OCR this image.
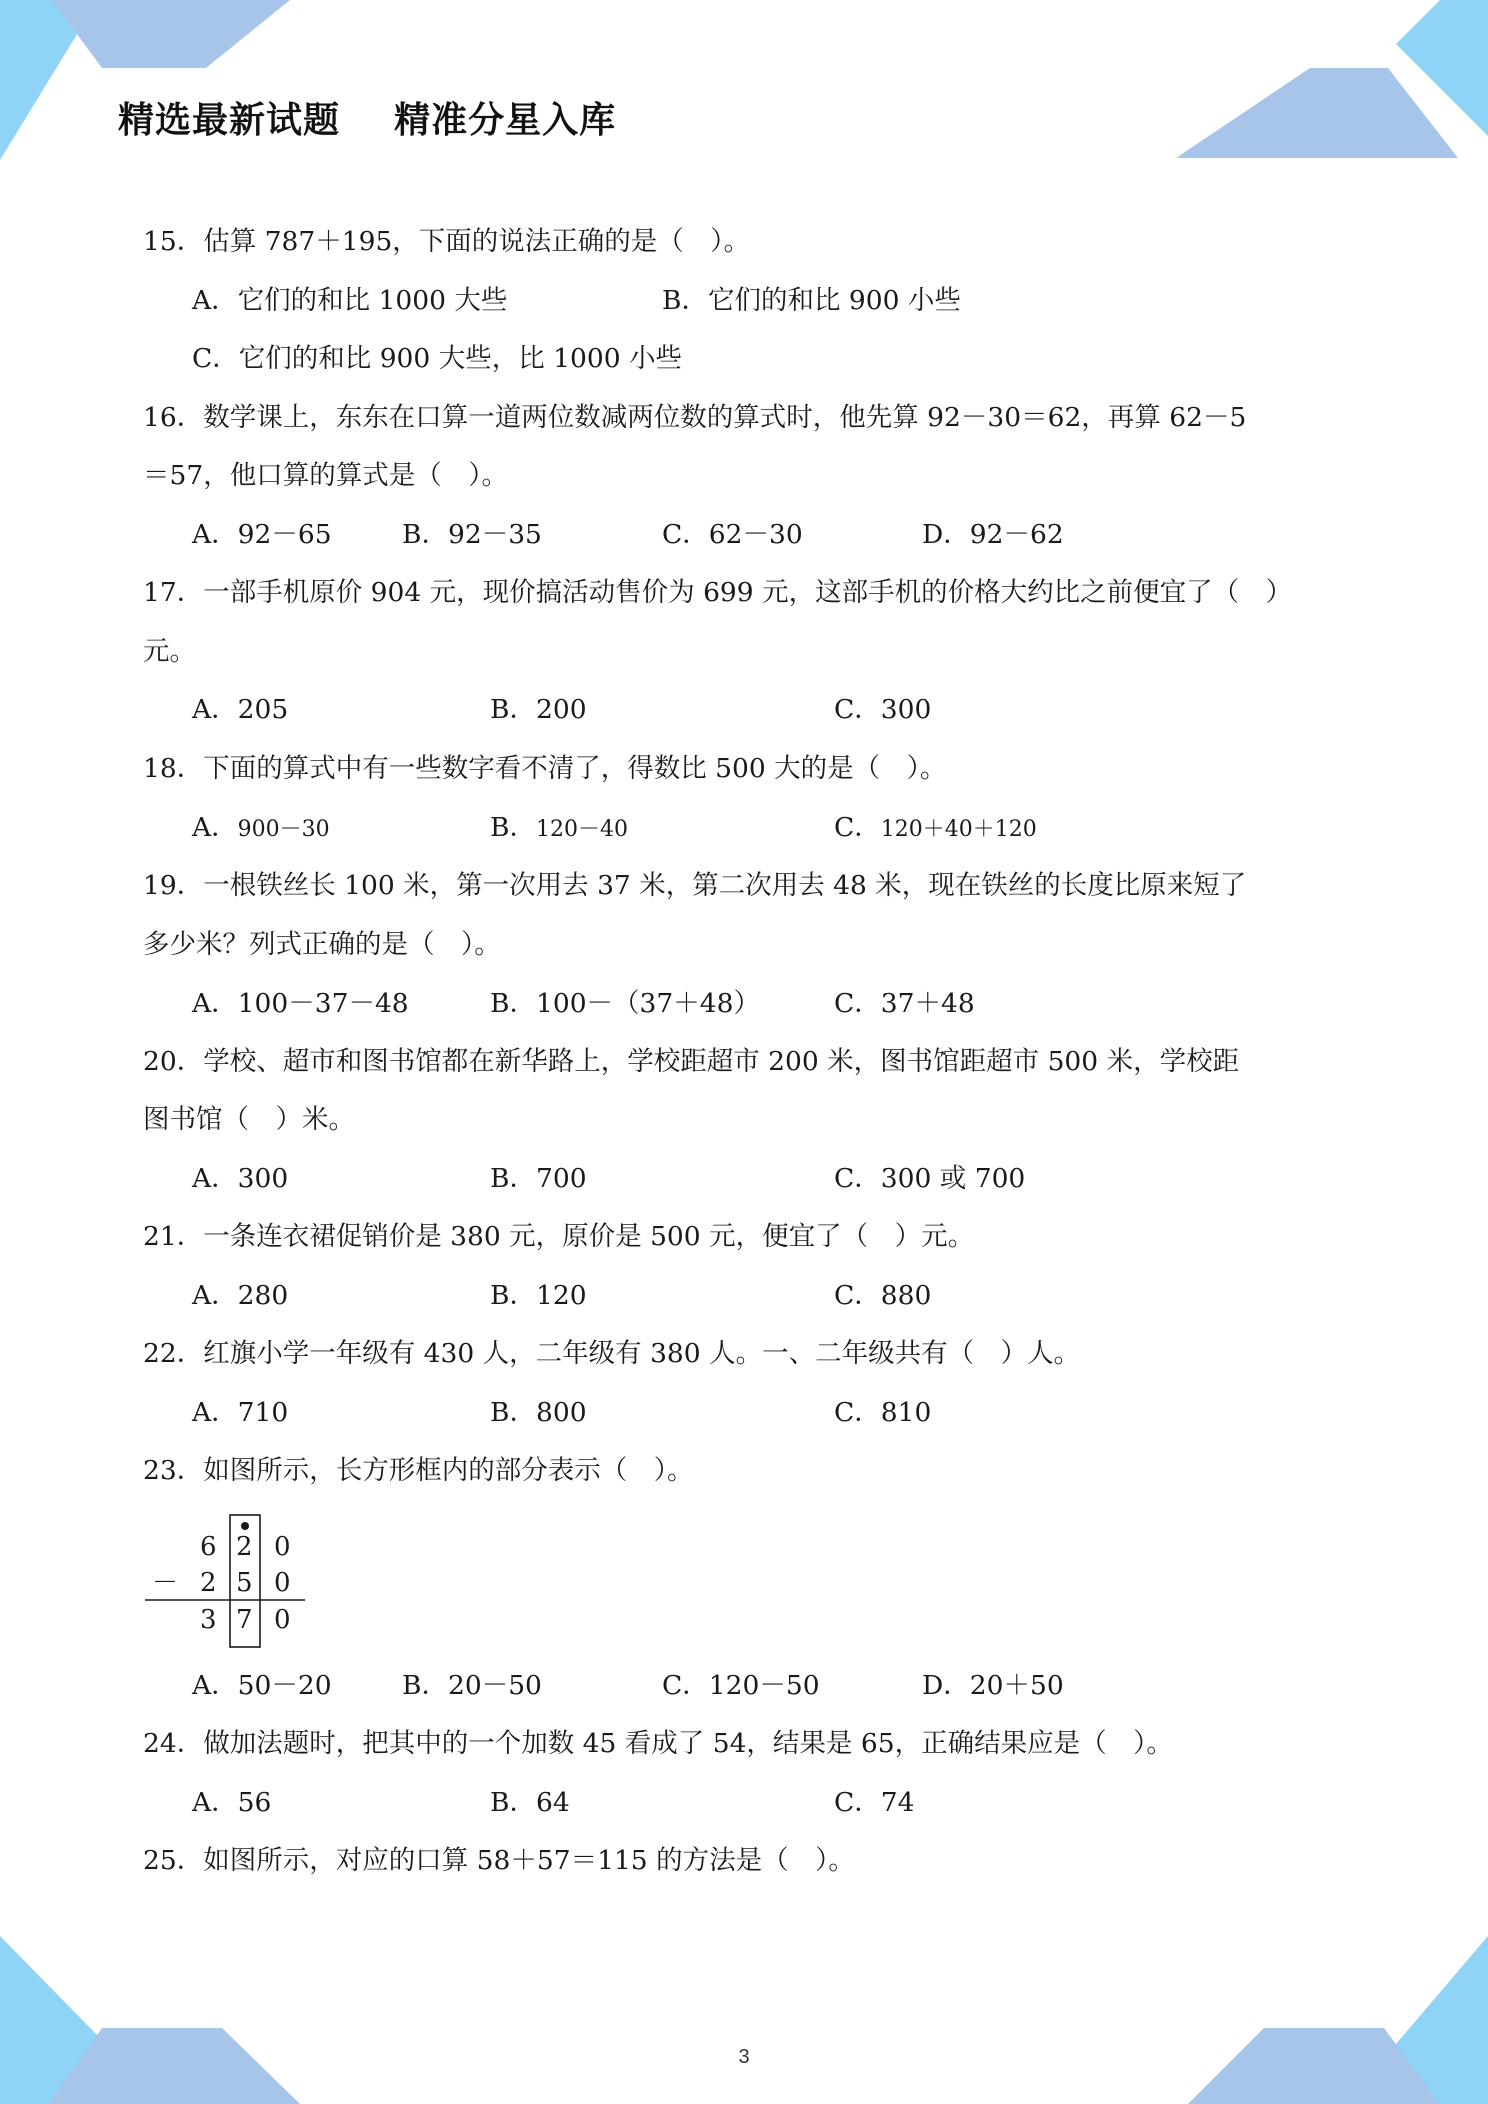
精选最新试题    精准分星入库
15．估算 787＋195，下面的说法正确的是（　）。
A．它们的和比 1000 大些	B．它们的和比 900 小些
C．它们的和比 900 大些，比 1000 小些
16．数学课上，东东在口算一道两位数减两位数的算式时，他先算 92－30＝62，再算 62－5
＝57，他口算的算式是（　）。
A．92－65	B．92－35	C．62－30	D．92－62
17．一部手机原价 904 元，现价搞活动售价为 699 元，这部手机的价格大约比之前便宜了（　）
元。
A．205	B．200	C．300
18．下面的算式中有一些数字看不清了，得数比 500 大的是（　）。
A．900－30	B．120－40	C．120＋40＋120
19．一根铁丝长 100 米，第一次用去 37 米，第二次用去 48 米，现在铁丝的长度比原来短了
多少米？列式正确的是（　）。
A．100－37－48	B．100－（37＋48）	C．37＋48
20．学校、超市和图书馆都在新华路上，学校距超市 200 米，图书馆距超市 500 米，学校距
图书馆（　）米。
A．300	B．700	C．300 或 700
21．一条连衣裙促销价是 380 元，原价是 500 元，便宜了（　）元。
A．280	B．120	C．880
22．红旗小学一年级有 430 人，二年级有 380 人。一、二年级共有（　）人。
A．710	B．800	C．810
23．如图所示，长方形框内的部分表示（　）。
6 2 0
－ 2 5 0
3 7 0
A．50－20	B．20－50	C．120－50	D．20＋50
24．做加法题时，把其中的一个加数 45 看成了 54，结果是 65，正确结果应是（　）。
A．56	B．64	C．74
25．如图所示，对应的口算 58＋57＝115 的方法是（　）。
3
